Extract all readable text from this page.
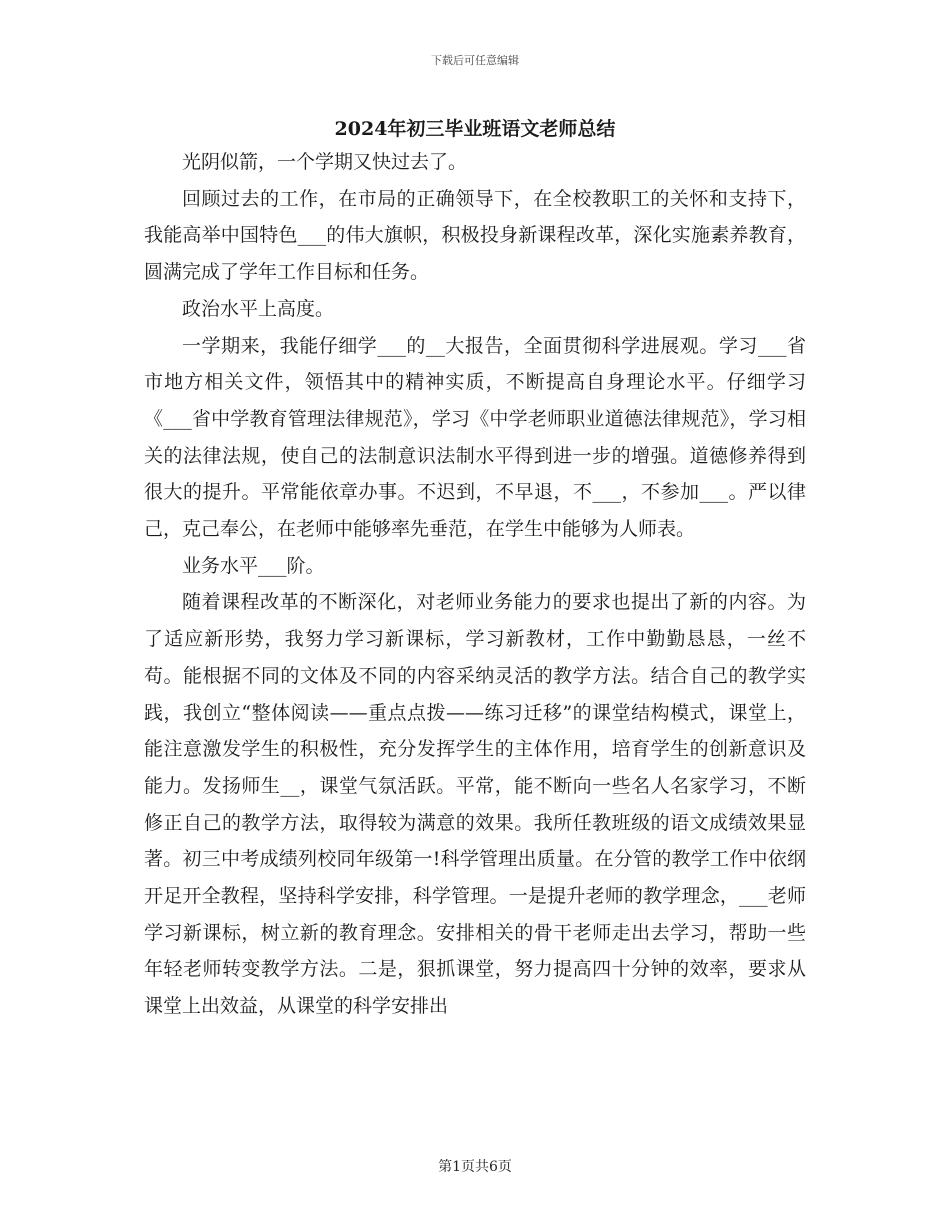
下载后可任意编辑
2024年初三毕业班语文老师总结

光阴似箭，一个学期又快过去了。

回顾过去的工作，在市局的正确领导下，在全校教职工的关怀和支持下，我能高举中国特色___的伟大旗帜，积极投身新课程改革，深化实施素养教育，圆满完成了学年工作目标和任务。

政治水平上高度。

一学期来，我能仔细学___的__大报告，全面贯彻科学进展观。学习___省市地方相关文件，领悟其中的精神实质，不断提高自身理论水平。仔细学习《___省中学教育管理法律规范》，学习《中学老师职业道德法律规范》，学习相关的法律法规，使自己的法制意识法制水平得到进一步的增强。道德修养得到很大的提升。平常能依章办事。不迟到，不早退，不___，不参加___。严以律己，克己奉公，在老师中能够率先垂范，在学生中能够为人师表。

业务水平___阶。

随着课程改革的不断深化，对老师业务能力的要求也提出了新的内容。为了适应新形势，我努力学习新课标，学习新教材，工作中勤勤恳恳，一丝不苟。能根据不同的文体及不同的内容采纳灵活的教学方法。结合自己的教学实践，我创立“整体阅读——重点点拨——练习迁移”的课堂结构模式，课堂上，能注意激发学生的积极性，充分发挥学生的主体作用，培育学生的创新意识及能力。发扬师生__，课堂气氛活跃。平常，能不断向一些名人名家学习，不断修正自己的教学方法，取得较为满意的效果。我所任教班级的语文成绩效果显著。初三中考成绩列校同年级第一!科学管理出质量。在分管的教学工作中依纲开足开全教程，坚持科学安排，科学管理。一是提升老师的教学理念，___老师学习新课标，树立新的教育理念。安排相关的骨干老师走出去学习，帮助一些年轻老师转变教学方法。二是，狠抓课堂，努力提高四十分钟的效率，要求从课堂上出效益，从课堂的科学安排出

第1页共6页
